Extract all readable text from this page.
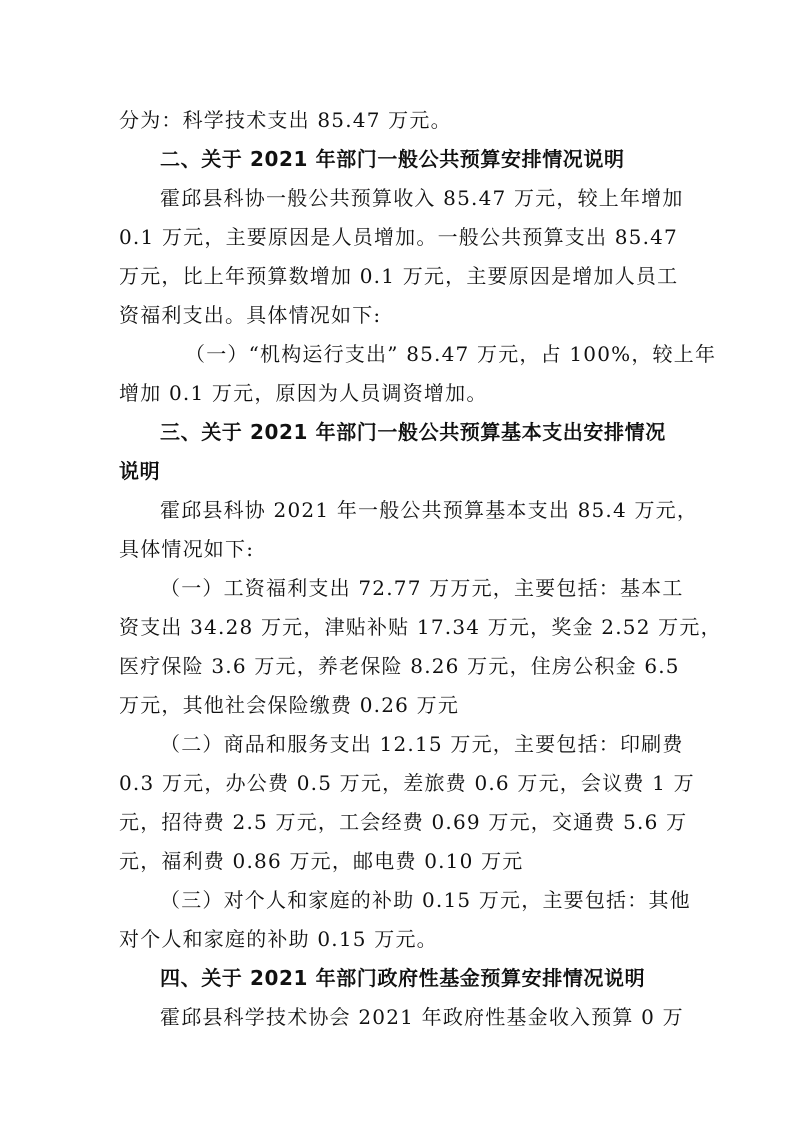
分为：科学技术支出 85.47 万元。
二、关于 2021 年部门一般公共预算安排情况说明
霍邱县科协一般公共预算收入 85.47 万元，较上年增加
0.1 万元，主要原因是人员增加。一般公共预算支出 85.47
万元，比上年预算数增加 0.1 万元，主要原因是增加人员工
资福利支出。具体情况如下:
（一）“机构运行支出” 85.47 万元，占 100%，较上年
增加 0.1 万元，原因为人员调资增加。
三、关于 2021 年部门一般公共预算基本支出安排情况
说明
霍邱县科协 2021 年一般公共预算基本支出 85.4 万元，
具体情况如下:
（一）工资福利支出 72.77 万万元，主要包括：基本工
资支出 34.28 万元，津贴补贴 17.34 万元，奖金 2.52 万元，
医疗保险 3.6 万元，养老保险 8.26 万元，住房公积金 6.5
万元，其他社会保险缴费 0.26 万元
（二）商品和服务支出 12.15 万元，主要包括：印刷费
0.3 万元，办公费 0.5 万元，差旅费 0.6 万元，会议费 1 万
元，招待费 2.5 万元，工会经费 0.69 万元，交通费 5.6 万
元，福利费 0.86 万元，邮电费 0.10 万元
（三）对个人和家庭的补助 0.15 万元，主要包括：其他
对个人和家庭的补助 0.15 万元。
四、关于 2021 年部门政府性基金预算安排情况说明
霍邱县科学技术协会 2021 年政府性基金收入预算 0 万
